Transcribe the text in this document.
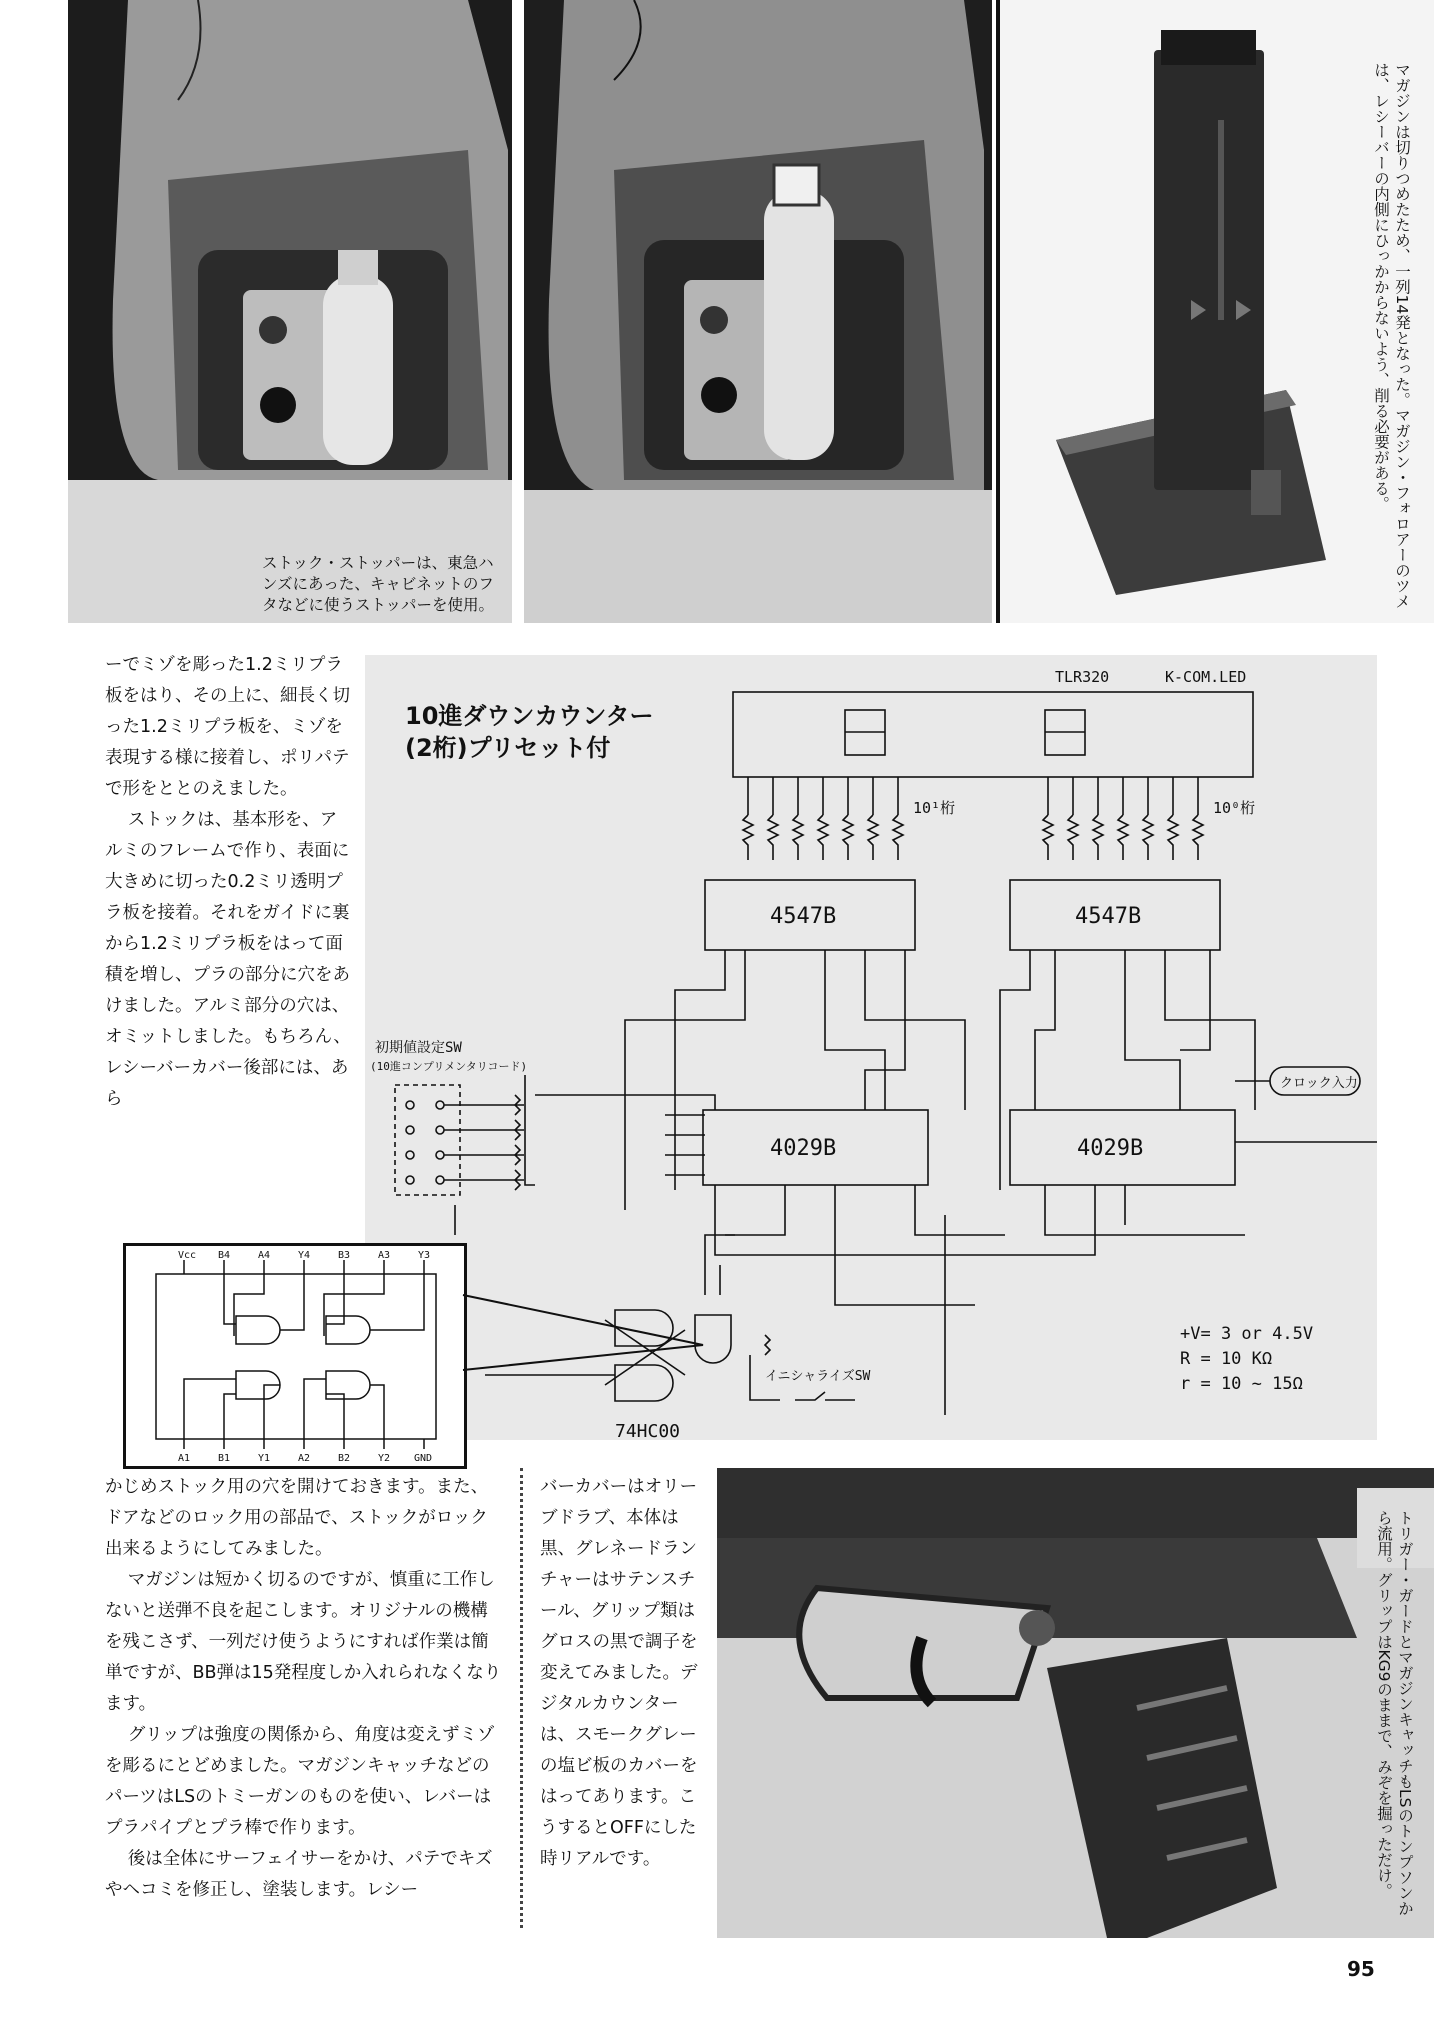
ストック・ストッパーは、東急ハンズにあった、キャビネットのフタなどに使うストッパーを使用。	マガジンは切りつめたため、一列14発となった。マガジン・フォロアーのツメは、レシーバーの内側にひっかからないよう、削る必要がある。

ーでミゾを彫った1.2ミリプラ板をはり、その上に、細長く切った1.2ミリプラ板を、ミゾを表現する様に接着し、ポリパテで形をととのえました。

ストックは、基本形を、アルミのフレームで作り、表面に大きめに切った0.2ミリ透明プラ板を接着。それをガイドに裏から1.2ミリプラ板をはって面積を増し、プラの部分に穴をあけました。アルミ部分の穴は、オミットしました。もちろん、レシーバーカバー後部には、あら

TLR320	K-COM.LED
10¹桁	10⁰桁
4547B	4547B
4029B	4029B
クロック入力
初期値設定SW
(10進コンプリメンタリコード)
74HC00
イニシャライズSW
10進ダウンカウンター
(2桁)プリセット付
+V= 3 or 4.5V
R = 10 KΩ
r = 10 ~ 15Ω
Vcc B4	A4	Y4	B3	A3	Y3
A1	B1	Y1	A2	B2	Y2 GND

かじめストック用の穴を開けておきます。また、ドアなどのロック用の部品で、ストックがロック出来るようにしてみました。

マガジンは短かく切るのですが、慎重に工作しないと送弾不良を起こします。オリジナルの機構を残こさず、一列だけ使うようにすれば作業は簡単ですが、BB弾は15発程度しか入れられなくなります。

グリップは強度の関係から、角度は変えずミゾを彫るにとどめました。マガジンキャッチなどのパーツはLSのトミーガンのものを使い、レバーはプラパイプとプラ棒で作ります。

後は全体にサーフェイサーをかけ、パテでキズやヘコミを修正し、塗装します。レシー

バーカバーはオリーブドラブ、本体は黒、グレネードランチャーはサテンスチール、グリップ類はグロスの黒で調子を変えてみました。デジタルカウンターは、スモークグレーの塩ビ板のカバーをはってあります。こうするとOFFにした時リアルです。	トリガー・ガードとマガジンキャッチもLSのトンプソンから流用。グリップはKG9のままで、みぞを掘っただけ。
95
